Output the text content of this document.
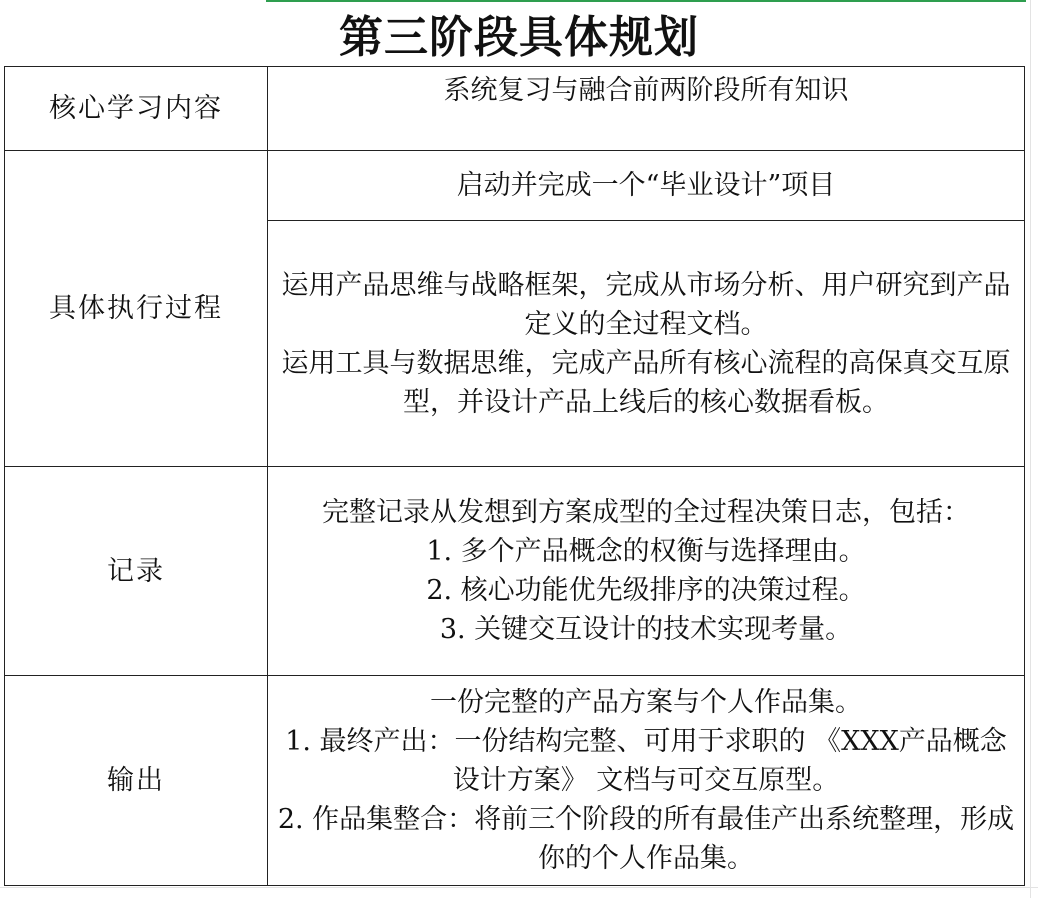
第三阶段具体规划
核心学习内容	系统复习与融合前两阶段所有知识
具体执行过程	启动并完成一个“毕业设计”项目

	运用产品思维与战略框架，完成从市场分析、用户研究到产品定义的全过程文档。

运用工具与数据思维，完成产品所有核心流程的高保真交互原型，并设计产品上线后的核心数据看板。

记录	完整记录从发想到方案成型的全过程决策日志，包括：

1. 多个产品概念的权衡与选择理由。
2. 核心功能优先级排序的决策过程。
3. 关键交互设计的技术实现考量。

输出	一份完整的产品方案与个人作品集。

1. 最终产出：一份结构完整、可用于求职的 《XXX产品概念设计方案》 文档与可交互原型。

2. 作品集整合：将前三个阶段的所有最佳产出系统整理，形成你的个人作品集。
